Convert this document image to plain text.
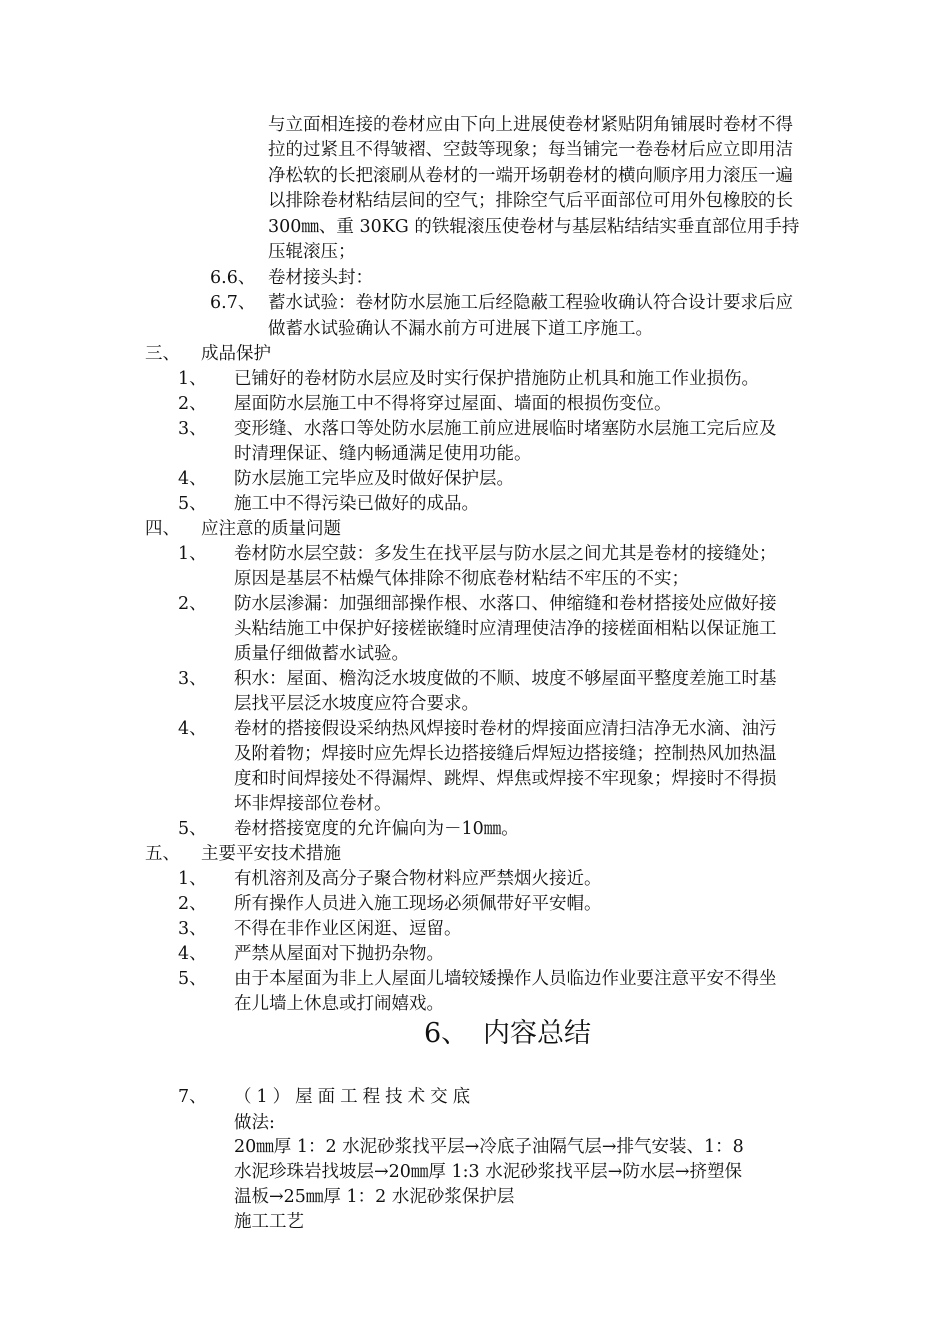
与立面相连接的卷材应由下向上进展使卷材紧贴阴角铺展时卷材不得
拉的过紧且不得皱褶、空鼓等现象；每当铺完一卷卷材后应立即用洁
净松软的长把滚刷从卷材的一端开场朝卷材的横向顺序用力滚压一遍
以排除卷材粘结层间的空气；排除空气后平面部位可用外包橡胶的长
300㎜、重 30KG 的铁辊滚压使卷材与基层粘结结实垂直部位用手持
压辊滚压；
6.6、 卷材接头封：
6.7、 蓄水试验：卷材防水层施工后经隐蔽工程验收确认符合设计要求后应
做蓄水试验确认不漏水前方可进展下道工序施工。
三、 成品保护
1、 已铺好的卷材防水层应及时实行保护措施防止机具和施工作业损伤。
2、 屋面防水层施工中不得将穿过屋面、墙面的根损伤变位。
3、 变形缝、水落口等处防水层施工前应进展临时堵塞防水层施工完后应及
时清理保证、缝内畅通满足使用功能。
4、 防水层施工完毕应及时做好保护层。
5、 施工中不得污染已做好的成品。
四、 应注意的质量问题
1、 卷材防水层空鼓：多发生在找平层与防水层之间尤其是卷材的接缝处；
原因是基层不枯燥气体排除不彻底卷材粘结不牢压的不实；
2、 防水层渗漏：加强细部操作根、水落口、伸缩缝和卷材搭接处应做好接
头粘结施工中保护好接槎嵌缝时应清理使洁净的接槎面相粘以保证施工
质量仔细做蓄水试验。
3、 积水：屋面、檐沟泛水坡度做的不顺、坡度不够屋面平整度差施工时基
层找平层泛水坡度应符合要求。
4、 卷材的搭接假设采纳热风焊接时卷材的焊接面应清扫洁净无水滴、油污
及附着物；焊接时应先焊长边搭接缝后焊短边搭接缝；控制热风加热温
度和时间焊接处不得漏焊、跳焊、焊焦或焊接不牢现象；焊接时不得损
坏非焊接部位卷材。
5、 卷材搭接宽度的允许偏向为－10㎜。
五、 主要平安技术措施
1、 有机溶剂及高分子聚合物材料应严禁烟火接近。
2、 所有操作人员进入施工现场必须佩带好平安帽。
3、 不得在非作业区闲逛、逗留。
4、 严禁从屋面对下抛扔杂物。
5、 由于本屋面为非上人屋面儿墙较矮操作人员临边作业要注意平安不得坐
在儿墙上休息或打闹嬉戏。
6、 内容总结
7、 （1）屋面工程技术交底
做法:
20㎜厚 1：2 水泥砂浆找平层→冷底子油隔气层→排气安装、1：8
水泥珍珠岩找坡层→20㎜厚 1:3 水泥砂浆找平层→防水层→挤塑保
温板→25㎜厚 1：2 水泥砂浆保护层
施工工艺
